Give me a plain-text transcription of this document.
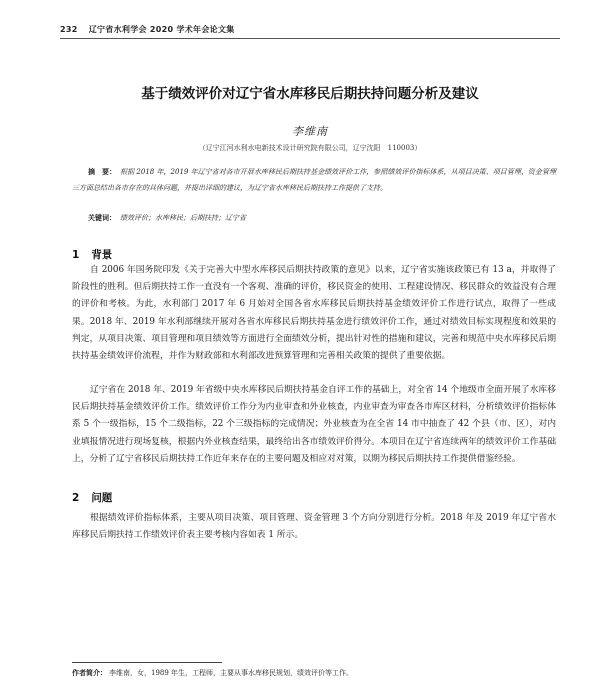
232 辽宁省水利学会 2020 学术年会论文集
基于绩效评价对辽宁省水库移民后期扶持问题分析及建议
李维南
（辽宁江河水利水电新技术设计研究院有限公司，辽宁沈阳　110003）
摘　要： 根据 2018 年，2019 年辽宁省对各市开展水库移民后期扶持基金绩效评价工作，参照绩效评价指标体系，从项目决策、项目管理、资金管理三方面总结出各市存在的具体问题，并提出详细的建议，为辽宁省水库移民后期扶持工作提供了支持。
关键词： 绩效评价；水库移民；后期扶持；辽宁省
1 背景
自 2006 年国务院印发《关于完善大中型水库移民后期扶持政策的意见》以来，辽宁省实施该政策已有 13 a，并取得了阶段性的胜利。但后期扶持工作一直没有一个客观、准确的评价，移民资金的使用、工程建设情况、移民群众的效益没有合理的评价和考核。为此，水利部门 2017 年 6 月始对全国各省水库移民后期扶持基金绩效评价工作进行试点，取得了一些成果。2018 年、2019 年水利部继续开展对各省水库移民后期扶持基金进行绩效评价工作，通过对绩效目标实现程度和效果的判定，从项目决策、项目管理和项目绩效等方面进行全面绩效分析，提出针对性的措施和建议，完善和规范中央水库移民后期扶持基金绩效评价流程，并作为财政部和水利部改进预算管理和完善相关政策的提供了重要依据。
辽宁省在 2018 年、2019 年省级中央水库移民后期扶持基金自评工作的基础上，对全省 14 个地级市全面开展了水库移民后期扶持基金绩效评价工作。绩效评价工作分为内业审查和外业核查，内业审查为审查各市库区材料，分析绩效评价指标体系 5 个一级指标，15 个二级指标，22 个三级指标的完成情况；外业核查为在全省 14 市中抽查了 42 个县（市、区），对内业填报情况进行现场复核，根据内外业核查结果，最终给出各市绩效评价得分。本项目在辽宁省连续两年的绩效评价工作基础上，分析了辽宁省移民后期扶持工作近年来存在的主要问题及相应对对策，以期为移民后期扶持工作提供借鉴经验。
2 问题
根据绩效评价指标体系，主要从项目决策、项目管理、资金管理 3 个方向分别进行分析。2018 年及 2019 年辽宁省水库移民后期扶持工作绩效评价表主要考核内容如表 1 所示。
作者简介： 李维南，女，1989 年生，工程师，主要从事水库移民规划，绩效评价等工作。
